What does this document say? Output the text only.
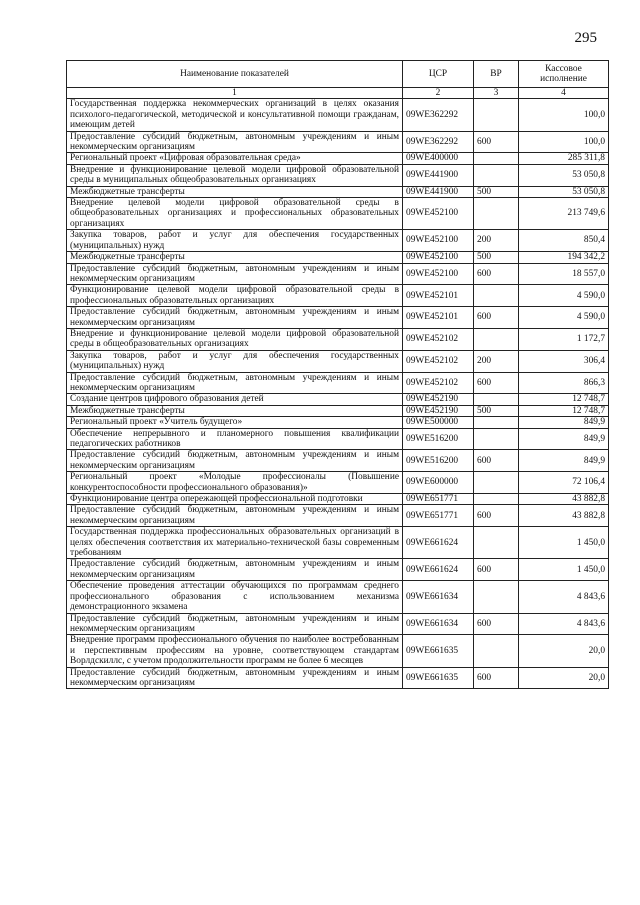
295
Наименование показателей	ЦСР	ВР	Кассовое исполнение
1	2	3	4
Государственная поддержка некоммерческих организаций в целях оказания психолого-педагогической, методической и консультативной помощи гражданам, имеющим детей	09WE362292		100,0
Предоставление субсидий бюджетным, автономным учреждениям и иным некоммерческим организациям	09WE362292	600	100,0
Региональный проект «Цифровая образовательная среда»	09WE400000		285 311,8
Внедрение и функционирование целевой модели цифровой образовательной среды в муниципальных общеобразовательных организациях	09WE441900		53 050,8
Межбюджетные трансферты	09WE441900	500	53 050,8
Внедрение целевой модели цифровой образовательной среды в общеобразовательных организациях и профессиональных образовательных организациях	09WE452100		213 749,6
Закупка товаров, работ и услуг для обеспечения государственных (муниципальных) нужд	09WE452100	200	850,4
Межбюджетные трансферты	09WE452100	500	194 342,2
Предоставление субсидий бюджетным, автономным учреждениям и иным некоммерческим организациям	09WE452100	600	18 557,0
Функционирование целевой модели цифровой образовательной среды в профессиональных образовательных организациях	09WE452101		4 590,0
Предоставление субсидий бюджетным, автономным учреждениям и иным некоммерческим организациям	09WE452101	600	4 590,0
Внедрение и функционирование целевой модели цифровой образовательной среды в общеобразовательных организациях	09WE452102		1 172,7
Закупка товаров, работ и услуг для обеспечения государственных (муниципальных) нужд	09WE452102	200	306,4
Предоставление субсидий бюджетным, автономным учреждениям и иным некоммерческим организациям	09WE452102	600	866,3
Создание центров цифрового образования детей	09WE452190		12 748,7
Межбюджетные трансферты	09WE452190	500	12 748,7
Региональный проект «Учитель будущего»	09WE500000		849,9
Обеспечение непрерывного и планомерного повышения квалификации педагогических работников	09WE516200		849,9
Предоставление субсидий бюджетным, автономным учреждениям и иным некоммерческим организациям	09WE516200	600	849,9
Региональный проект «Молодые профессионалы (Повышение конкурентоспособности профессионального образования)»	09WE600000		72 106,4
Функционирование центра опережающей профессиональной подготовки	09WE651771		43 882,8
Предоставление субсидий бюджетным, автономным учреждениям и иным некоммерческим организациям	09WE651771	600	43 882,8
Государственная поддержка профессиональных образовательных организаций в целях обеспечения соответствия их материально-технической базы современным требованиям	09WE661624		1 450,0
Предоставление субсидий бюджетным, автономным учреждениям и иным некоммерческим организациям	09WE661624	600	1 450,0
Обеспечение проведения аттестации обучающихся по программам среднего профессионального образования с использованием механизма демонстрационного экзамена	09WE661634		4 843,6
Предоставление субсидий бюджетным, автономным учреждениям и иным некоммерческим организациям	09WE661634	600	4 843,6
Внедрение программ профессионального обучения по наиболее востребованным и перспективным профессиям на уровне, соответствующем стандартам Ворлдскиллс, с учетом продолжительности программ не более 6 месяцев	09WE661635		20,0
Предоставление субсидий бюджетным, автономным учреждениям и иным некоммерческим организациям	09WE661635	600	20,0
